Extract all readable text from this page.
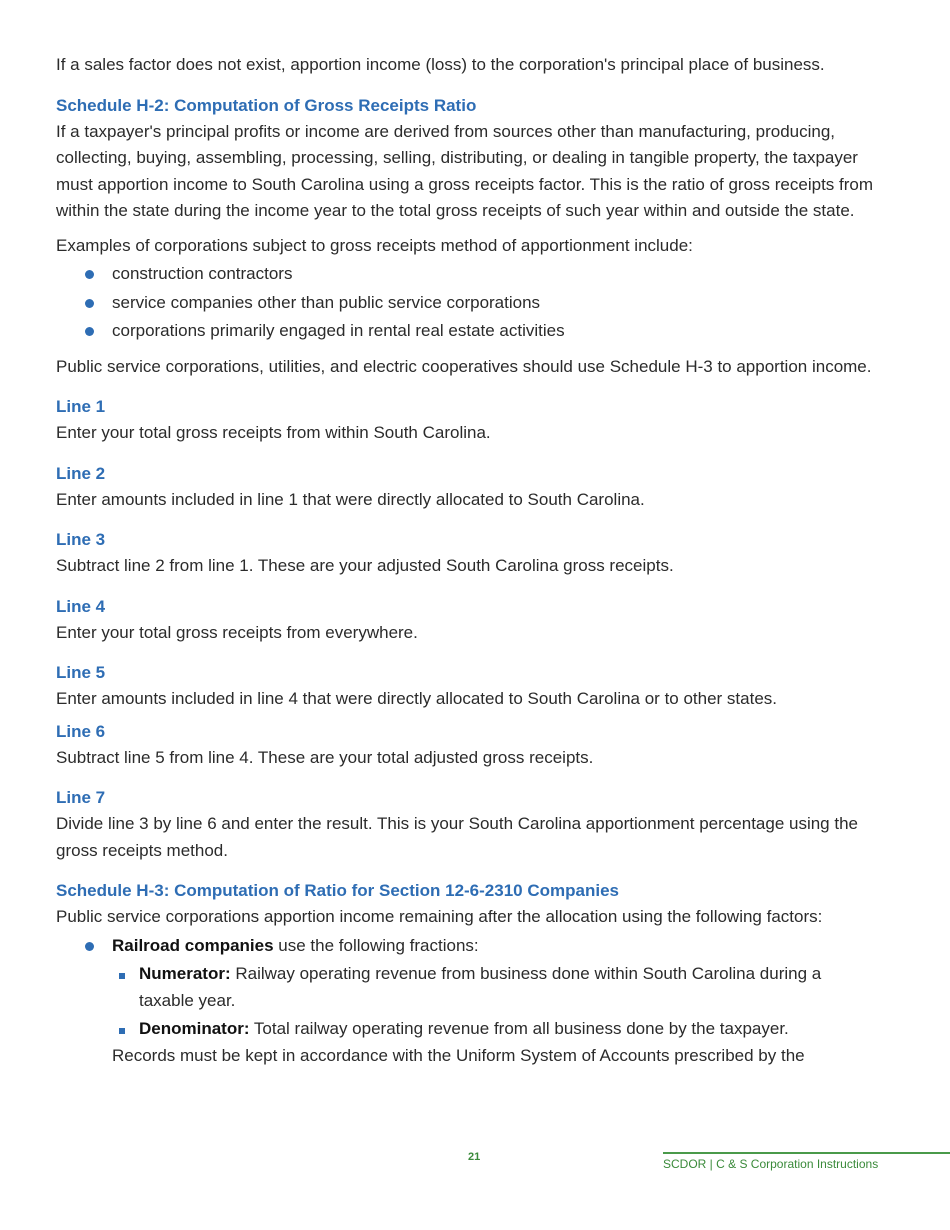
If a sales factor does not exist, apportion income (loss) to the corporation's principal place of business.

Schedule H-2: Computation of Gross Receipts Ratio

If a taxpayer's principal profits or income are derived from sources other than manufacturing, producing, collecting, buying, assembling, processing, selling, distributing, or dealing in tangible property, the taxpayer must apportion income to South Carolina using a gross receipts factor. This is the ratio of gross receipts from within the state during the income year to the total gross receipts of such year within and outside the state.

Examples of corporations subject to gross receipts method of apportionment include:

construction contractors
service companies other than public service corporations
corporations primarily engaged in rental real estate activities

Public service corporations, utilities, and electric cooperatives should use Schedule H-3 to apportion income.

Line 1

Enter your total gross receipts from within South Carolina.

Line 2

Enter amounts included in line 1 that were directly allocated to South Carolina.

Line 3

Subtract line 2 from line 1. These are your adjusted South Carolina gross receipts.

Line 4

Enter your total gross receipts from everywhere.

Line 5

Enter amounts included in line 4 that were directly allocated to South Carolina or to other states.

Line 6

Subtract line 5 from line 4. These are your total adjusted gross receipts.

Line 7

Divide line 3 by line 6 and enter the result. This is your South Carolina apportionment percentage using the gross receipts method.

Schedule H-3: Computation of Ratio for Section 12-6-2310 Companies

Public service corporations apportion income remaining after the allocation using the following factors:

Railroad companies use the following fractions:
Numerator: Railway operating revenue from business done within South Carolina during a taxable year.
Denominator: Total railway operating revenue from all business done by the taxpayer.
Records must be kept in accordance with the Uniform System of Accounts prescribed by the
21	SCDOR | C & S Corporation Instructions
